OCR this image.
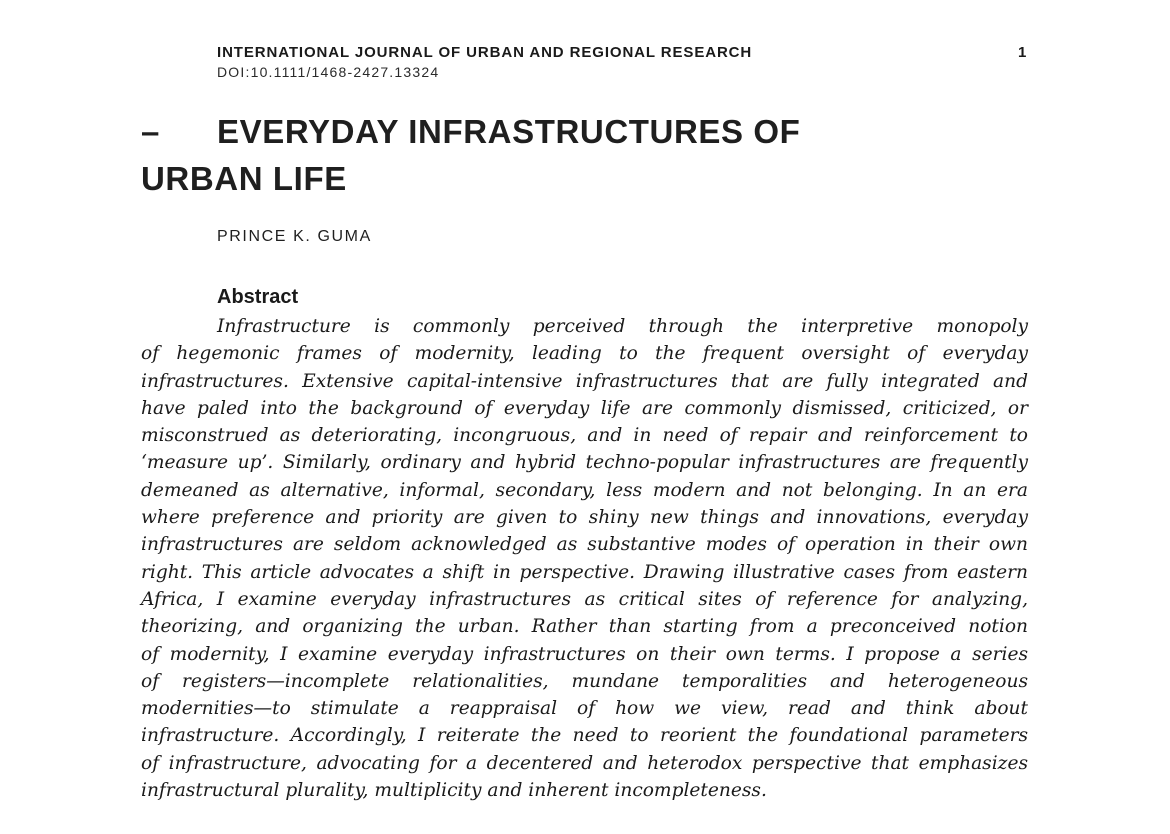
INTERNATIONAL JOURNAL OF URBAN AND REGIONAL RESEARCH
DOI:10.1111/1468-2427.13324
1
– EVERYDAY INFRASTRUCTURES OF
URBAN LIFE
PRINCE K. GUMA
Abstract
Infrastructure is commonly perceived through the interpretive monopoly
of hegemonic frames of modernity, leading to the frequent oversight of everyday
infrastructures. Extensive capital-intensive infrastructures that are fully integrated and
have paled into the background of everyday life are commonly dismissed, criticized, or
misconstrued as deteriorating, incongruous, and in need of repair and reinforcement to
‘measure up’. Similarly, ordinary and hybrid techno-popular infrastructures are frequently
demeaned as alternative, informal, secondary, less modern and not belonging. In an era
where preference and priority are given to shiny new things and innovations, everyday
infrastructures are seldom acknowledged as substantive modes of operation in their own
right. This article advocates a shift in perspective. Drawing illustrative cases from eastern
Africa, I examine everyday infrastructures as critical sites of reference for analyzing,
theorizing, and organizing the urban. Rather than starting from a preconceived notion
of modernity, I examine everyday infrastructures on their own terms. I propose a series
of registers—incomplete relationalities, mundane temporalities and heterogeneous
modernities—to stimulate a reappraisal of how we view, read and think about
infrastructure. Accordingly, I reiterate the need to reorient the foundational parameters
of infrastructure, advocating for a decentered and heterodox perspective that emphasizes
infrastructural plurality, multiplicity and inherent incompleteness.
